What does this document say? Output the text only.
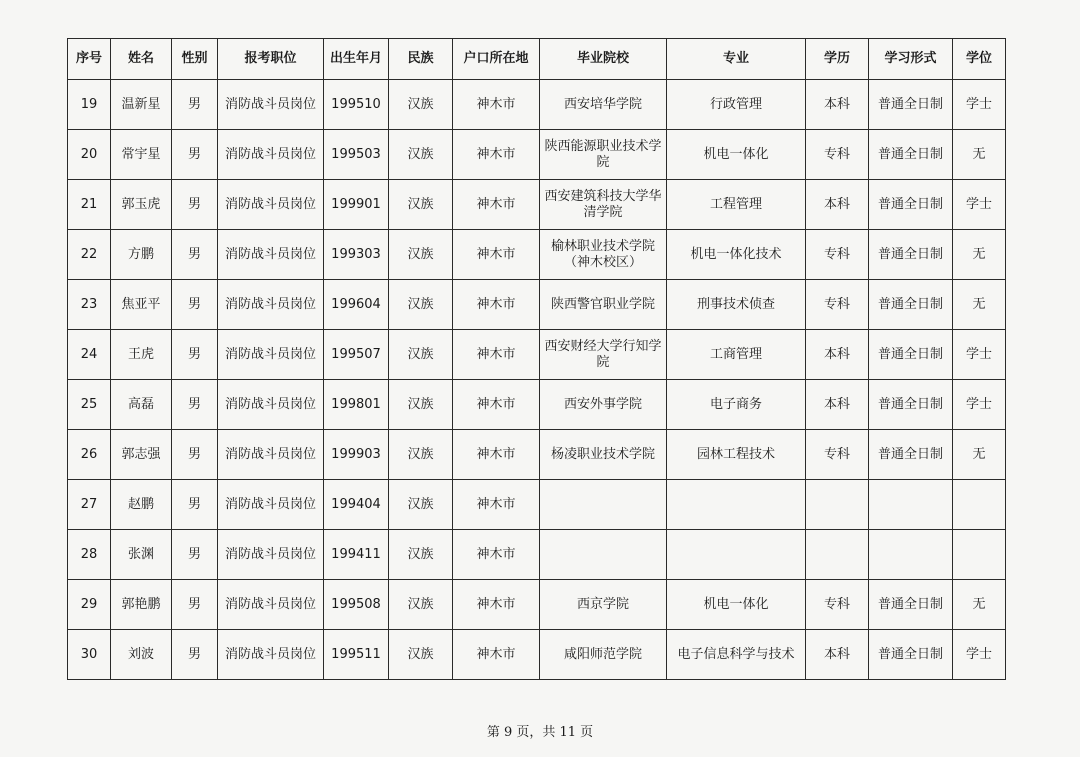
序号	姓名	性别	报考职位	出生年月	民族	户口所在地	毕业院校	专业	学历	学习形式	学位
19	温新星	男	消防战斗员岗位	199510	汉族	神木市	西安培华学院	行政管理	本科	普通全日制	学士
20	常宇星	男	消防战斗员岗位	199503	汉族	神木市	陕西能源职业技术学院	机电一体化	专科	普通全日制	无
21	郭玉虎	男	消防战斗员岗位	199901	汉族	神木市	西安建筑科技大学华清学院	工程管理	本科	普通全日制	学士
22	方鹏	男	消防战斗员岗位	199303	汉族	神木市	榆林职业技术学院（神木校区）	机电一体化技术	专科	普通全日制	无
23	焦亚平	男	消防战斗员岗位	199604	汉族	神木市	陕西警官职业学院	刑事技术侦查	专科	普通全日制	无
24	王虎	男	消防战斗员岗位	199507	汉族	神木市	西安财经大学行知学院	工商管理	本科	普通全日制	学士
25	高磊	男	消防战斗员岗位	199801	汉族	神木市	西安外事学院	电子商务	本科	普通全日制	学士
26	郭志强	男	消防战斗员岗位	199903	汉族	神木市	杨凌职业技术学院	园林工程技术	专科	普通全日制	无
27	赵鹏	男	消防战斗员岗位	199404	汉族	神木市					
28	张渊	男	消防战斗员岗位	199411	汉族	神木市					
29	郭艳鹏	男	消防战斗员岗位	199508	汉族	神木市	西京学院	机电一体化	专科	普通全日制	无
30	刘波	男	消防战斗员岗位	199511	汉族	神木市	咸阳师范学院	电子信息科学与技术	本科	普通全日制	学士
第 9 页，共 11 页
